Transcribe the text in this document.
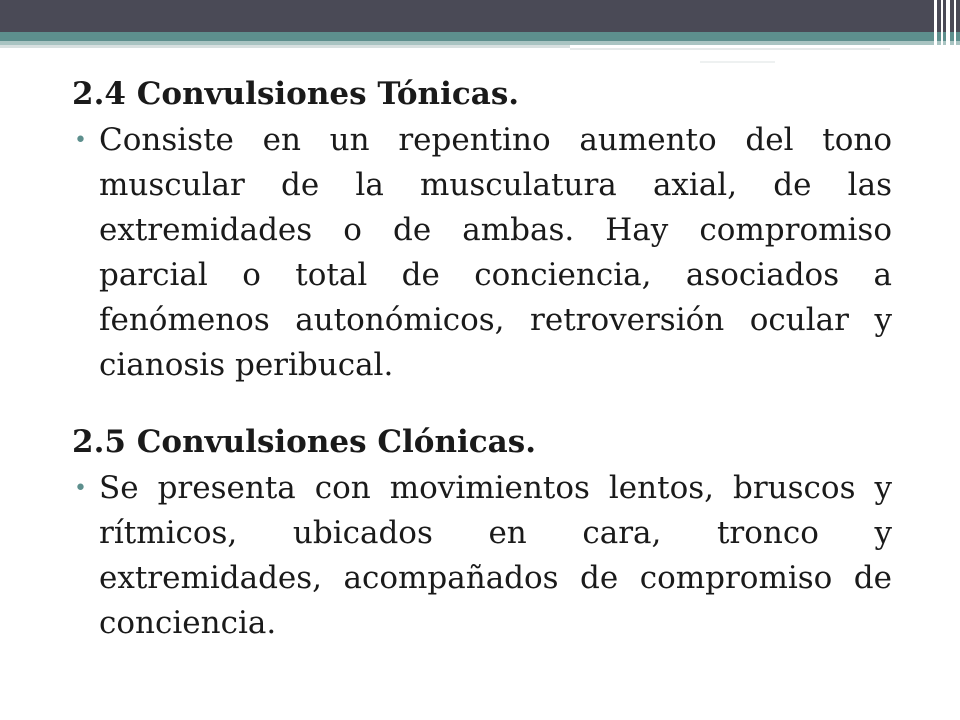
2.4 Convulsiones Tónicas.

• Consiste en un repentino aumento del tono muscular de la musculatura axial, de las extremidades o de ambas. Hay compromiso parcial o total de conciencia, asociados a fenómenos autonómicos, retroversión ocular y cianosis peribucal.

2.5 Convulsiones Clónicas.

• Se presenta con movimientos lentos, bruscos y rítmicos, ubicados en cara, tronco y extremidades, acompañados de compromiso de conciencia.
